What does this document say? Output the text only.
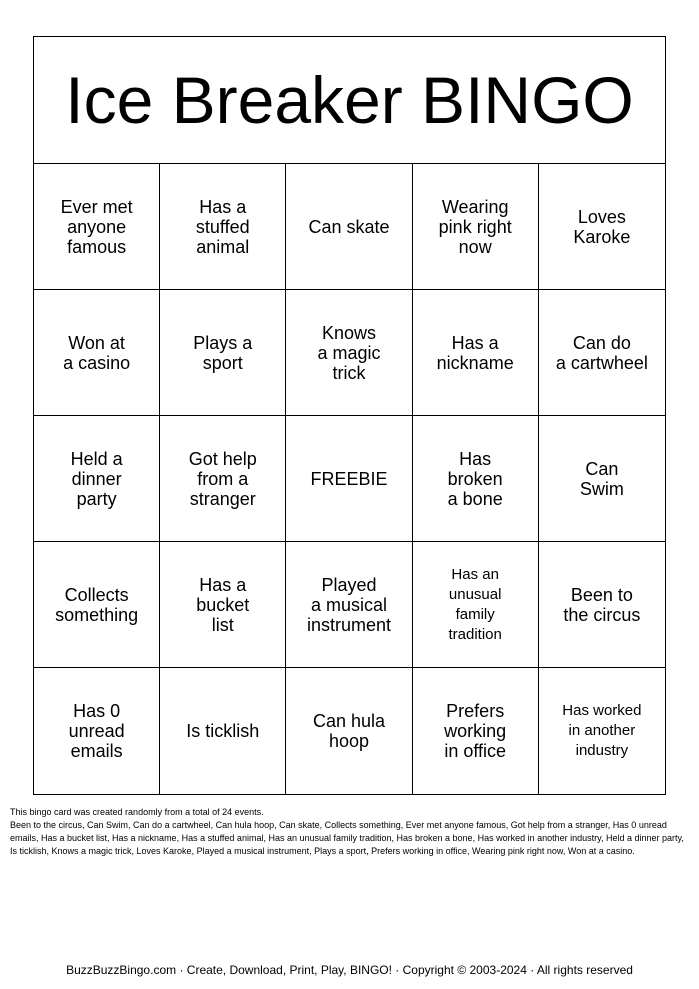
Ice Breaker BINGO
Ever met
anyone
famous
Has a
stuffed
animal
Can skate
Wearing
pink right
now
Loves
Karoke
Won at
a casino
Plays a
sport
Knows
a magic
trick
Has a
nickname
Can do
a cartwheel
Held a
dinner
party
Got help
from a
stranger
FREEBIE
Has
broken
a bone
Can
Swim
Collects
something
Has a
bucket
list
Played
a musical
instrument
Has an
unusual
family
tradition
Been to
the circus
Has 0
unread
emails
Is ticklish	Can hula
hoop
Prefers
working
in office
Has worked
in another
industry

This bingo card was created randomly from a total of 24 events.

Been to the circus, Can Swim, Can do a cartwheel, Can hula hoop, Can skate, Collects something, Ever met anyone famous, Got help from a stranger, Has 0 unread emails, Has a bucket list, Has a nickname, Has a stuffed animal, Has an unusual family tradition, Has broken a bone, Has worked in another industry, Held a dinner party, Is ticklish, Knows a magic trick, Loves Karoke, Played a musical instrument, Plays a sport, Prefers working in office, Wearing pink right now, Won at a casino.

BuzzBuzzBingo.com · Create, Download, Print, Play, BINGO! · Copyright © 2003-2024 · All rights reserved
